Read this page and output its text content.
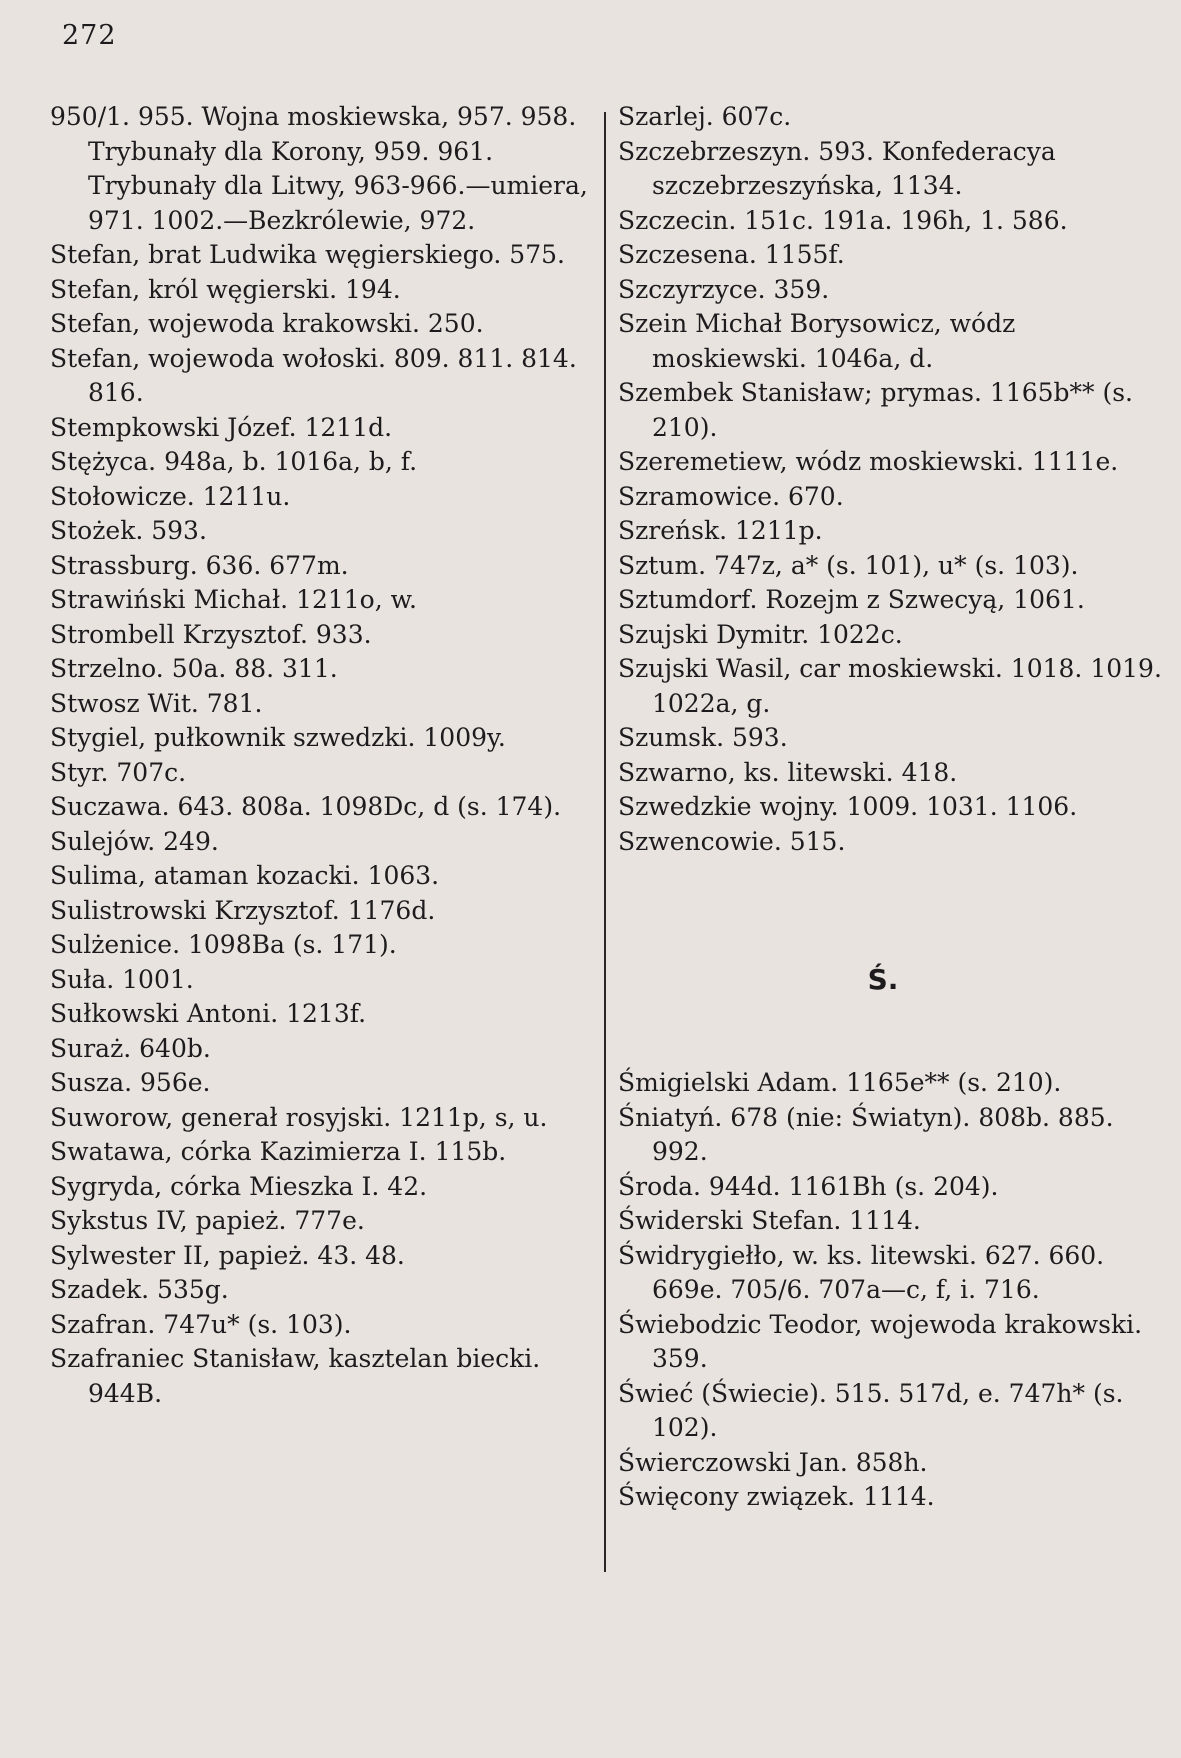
272
950/1. 955. Wojna moskiewska, 957. 958. Trybunały dla Korony, 959. 961. Trybunały dla Litwy, 963-966.—umiera, 971. 1002.—Bezkrólewie, 972.
Stefan, brat Ludwika węgierskiego. 575.
Stefan, król węgierski. 194.
Stefan, wojewoda krakowski. 250.
Stefan, wojewoda wołoski. 809. 811. 814. 816.
Stempkowski Józef. 1211d.
Stężyca. 948a, b. 1016a, b, f.
Stołowicze. 1211u.
Stożek. 593.
Strassburg. 636. 677m.
Strawiński Michał. 1211o, w.
Strombell Krzysztof. 933.
Strzelno. 50a. 88. 311.
Stwosz Wit. 781.
Stygiel, pułkownik szwedzki. 1009y.
Styr. 707c.
Suczawa. 643. 808a. 1098Dc, d (s. 174).
Sulejów. 249.
Sulima, ataman kozacki. 1063.
Sulistrowski Krzysztof. 1176d.
Sulżenice. 1098Ba (s. 171).
Suła. 1001.
Sułkowski Antoni. 1213f.
Suraż. 640b.
Susza. 956e.
Suworow, generał rosyjski. 1211p, s, u.
Swatawa, córka Kazimierza I. 115b.
Sygryda, córka Mieszka I. 42.
Sykstus IV, papież. 777e.
Sylwester II, papież. 43. 48.
Szadek. 535g.
Szafran. 747u* (s. 103).
Szafraniec Stanisław, kasztelan biecki. 944B.
Szarlej. 607c.
Szczebrzeszyn. 593. Konfederacya szczebrzeszyńska, 1134.
Szczecin. 151c. 191a. 196h, 1. 586.
Szczesena. 1155f.
Szczyrzyce. 359.
Szein Michał Borysowicz, wódz moskiewski. 1046a, d.
Szembek Stanisław; prymas. 1165b** (s. 210).
Szeremetiew, wódz moskiewski. 1111e.
Szramowice. 670.
Szreńsk. 1211p.
Sztum. 747z, a* (s. 101), u* (s. 103).
Sztumdorf. Rozejm z Szwecyą, 1061.
Szujski Dymitr. 1022c.
Szujski Wasil, car moskiewski. 1018. 1019. 1022a, g.
Szumsk. 593.
Szwarno, ks. litewski. 418.
Szwedzkie wojny. 1009. 1031. 1106.
Szwencowie. 515.
Ś.
Śmigielski Adam. 1165e** (s. 210).
Śniatyń. 678 (nie: Światyn). 808b. 885. 992.
Środa. 944d. 1161Bh (s. 204).
Świderski Stefan. 1114.
Świdrygiełło, w. ks. litewski. 627. 660. 669e. 705/6. 707a—c, f, i. 716.
Świebodzic Teodor, wojewoda krakowski. 359.
Świeć (Świecie). 515. 517d, e. 747h* (s. 102).
Świerczowski Jan. 858h.
Święcony związek. 1114.
